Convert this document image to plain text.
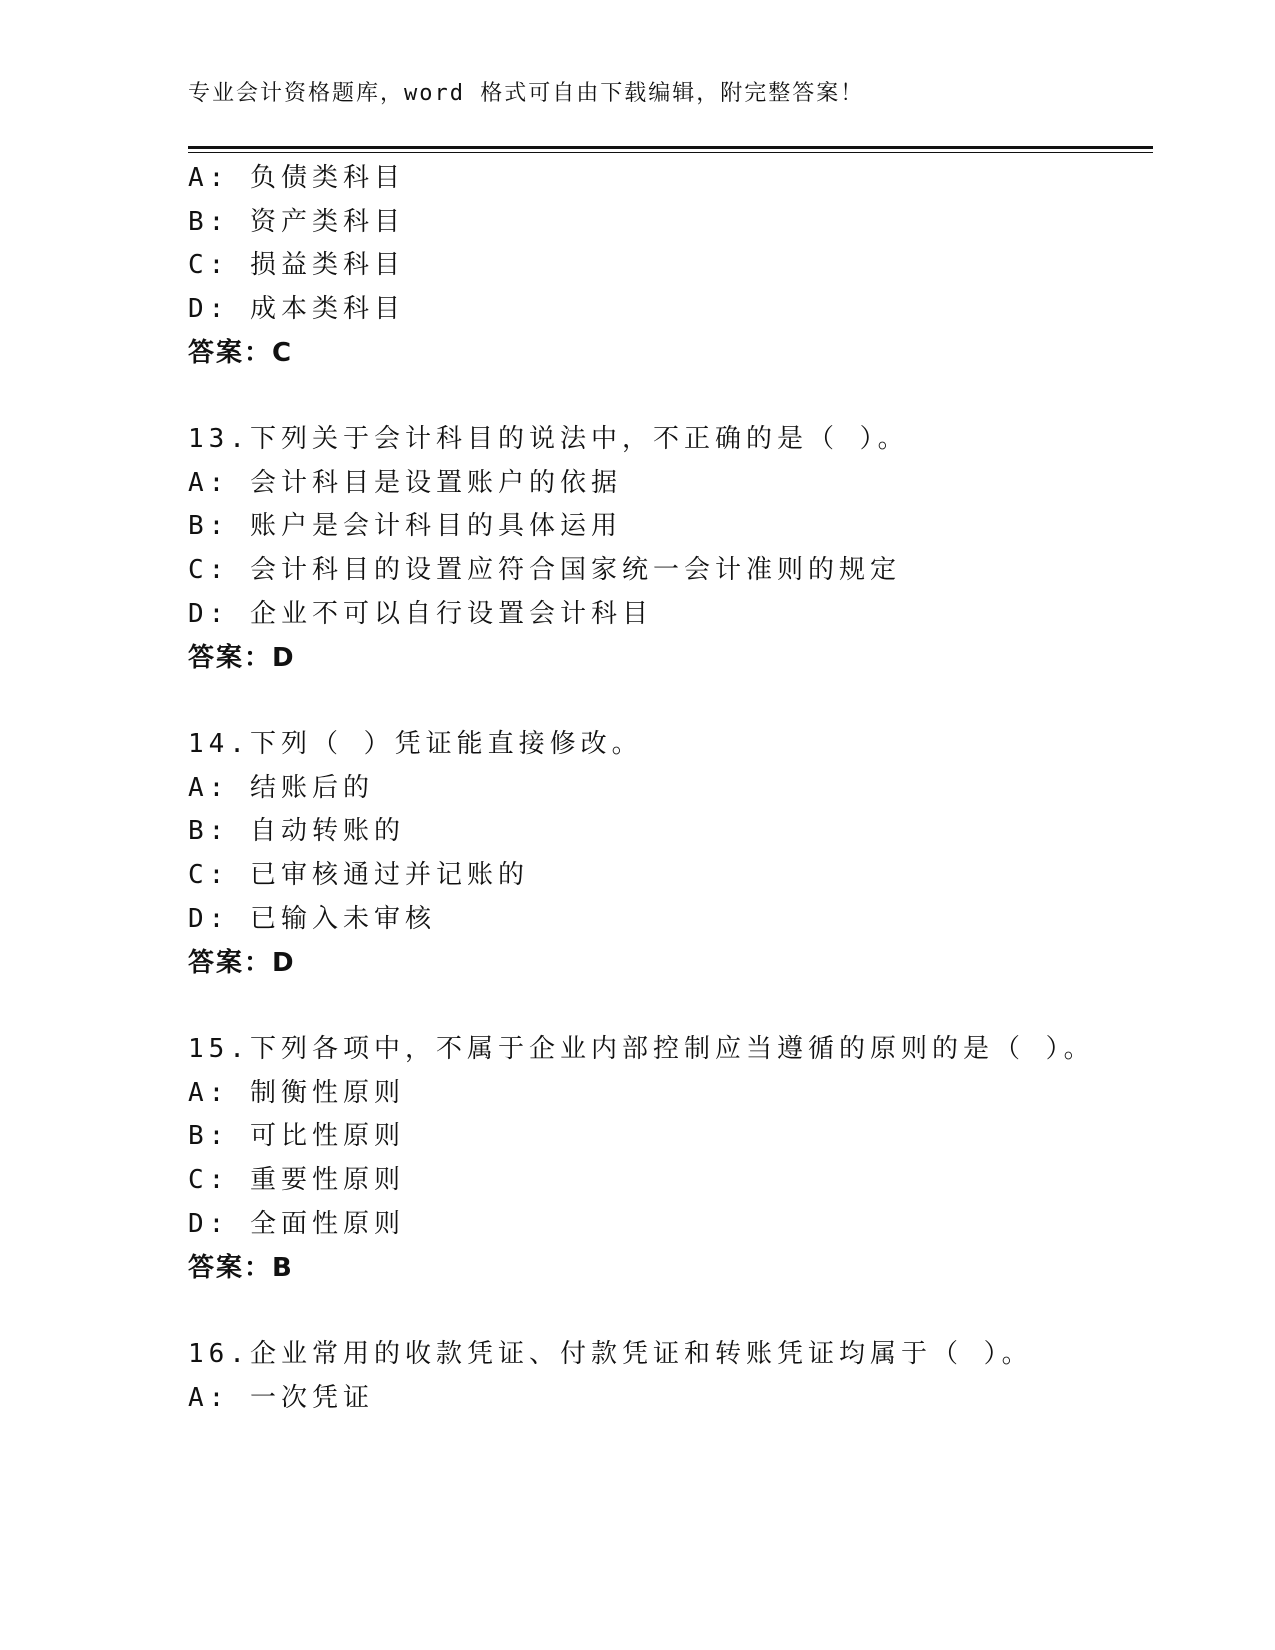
专业会计资格题库，word 格式可自由下载编辑，附完整答案！
A: 负债类科目
B: 资产类科目
C: 损益类科目
D: 成本类科目
答案：C
13.下列关于会计科目的说法中，不正确的是（ ）。
A: 会计科目是设置账户的依据
B: 账户是会计科目的具体运用
C: 会计科目的设置应符合国家统一会计准则的规定
D: 企业不可以自行设置会计科目
答案：D
14.下列（ ）凭证能直接修改。
A: 结账后的
B: 自动转账的
C: 已审核通过并记账的
D: 已输入未审核
答案：D
15.下列各项中，不属于企业内部控制应当遵循的原则的是（ ）。
A: 制衡性原则
B: 可比性原则
C: 重要性原则
D: 全面性原则
答案：B
16.企业常用的收款凭证、付款凭证和转账凭证均属于（ ）。
A: 一次凭证
